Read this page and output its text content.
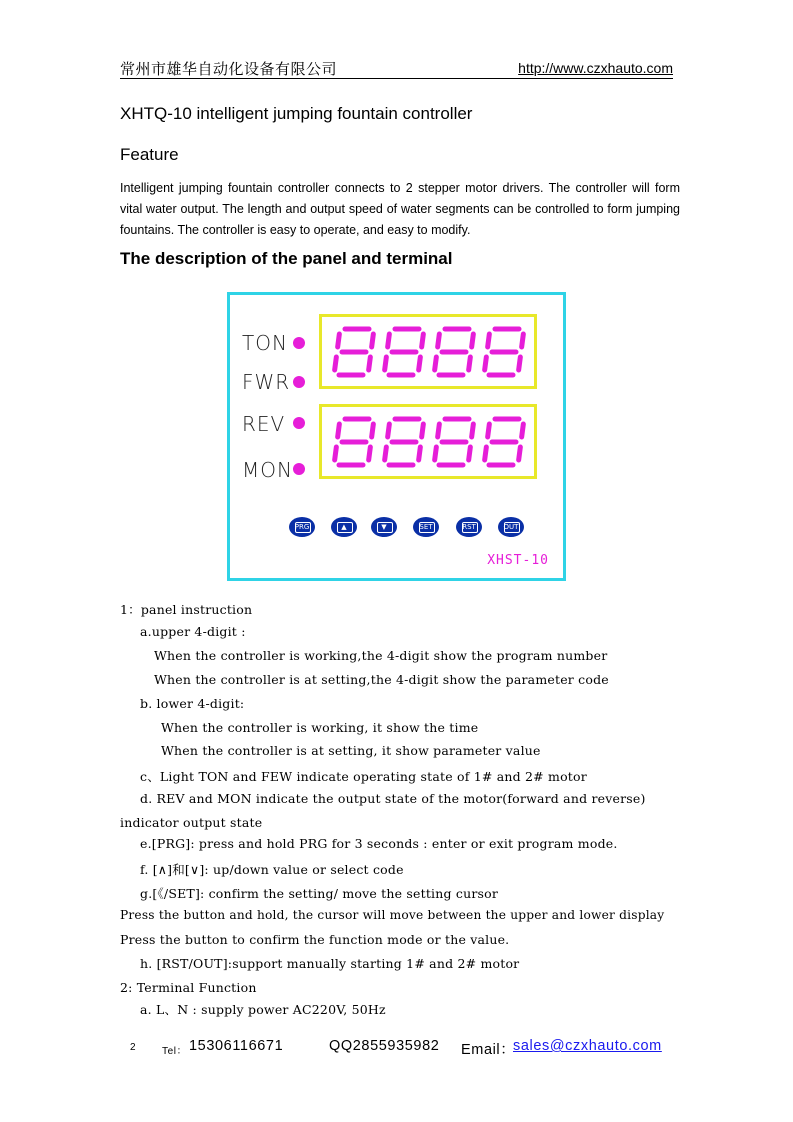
常州市雄华自动化设备有限公司	http://www.czxhauto.com
XHTQ-10 intelligent jumping fountain controller
Feature
Intelligent jumping fountain controller connects to 2 stepper motor drivers. The controller will form vital water output. The length and output speed of water segments can be controlled to form jumping fountains. The controller is easy to operate, and easy to modify.
The description of the panel and terminal
TON
FWR
REV
MON
PRG	▲	▼	SET	RST	OUT
XHST-10
1：panel instruction
a.upper 4-digit :
When the controller is working,the 4-digit show the program number
When the controller is at setting,the 4-digit show the parameter code
b. lower 4-digit:
When the controller is working, it show the time
When the controller is at setting, it show parameter value
c、Light TON and FEW indicate operating state of 1# and 2# motor
d. REV and MON indicate the output state of the motor(forward and reverse)
indicator output state
e.[PRG]: press and hold PRG for 3 seconds : enter or exit program mode.
f. [∧]和[∨]: up/down value or select code
g.[《/SET]: confirm the setting/ move the setting cursor
Press the button and hold, the cursor will move between the upper and lower display
Press the button to confirm the function mode or the value.
h. [RST/OUT]:support manually starting 1# and 2# motor
2: Terminal Function
a. L、N : supply power AC220V, 50Hz
2	Tel： 15306116671	QQ2855935982 Email：
sales@czxhauto.com
